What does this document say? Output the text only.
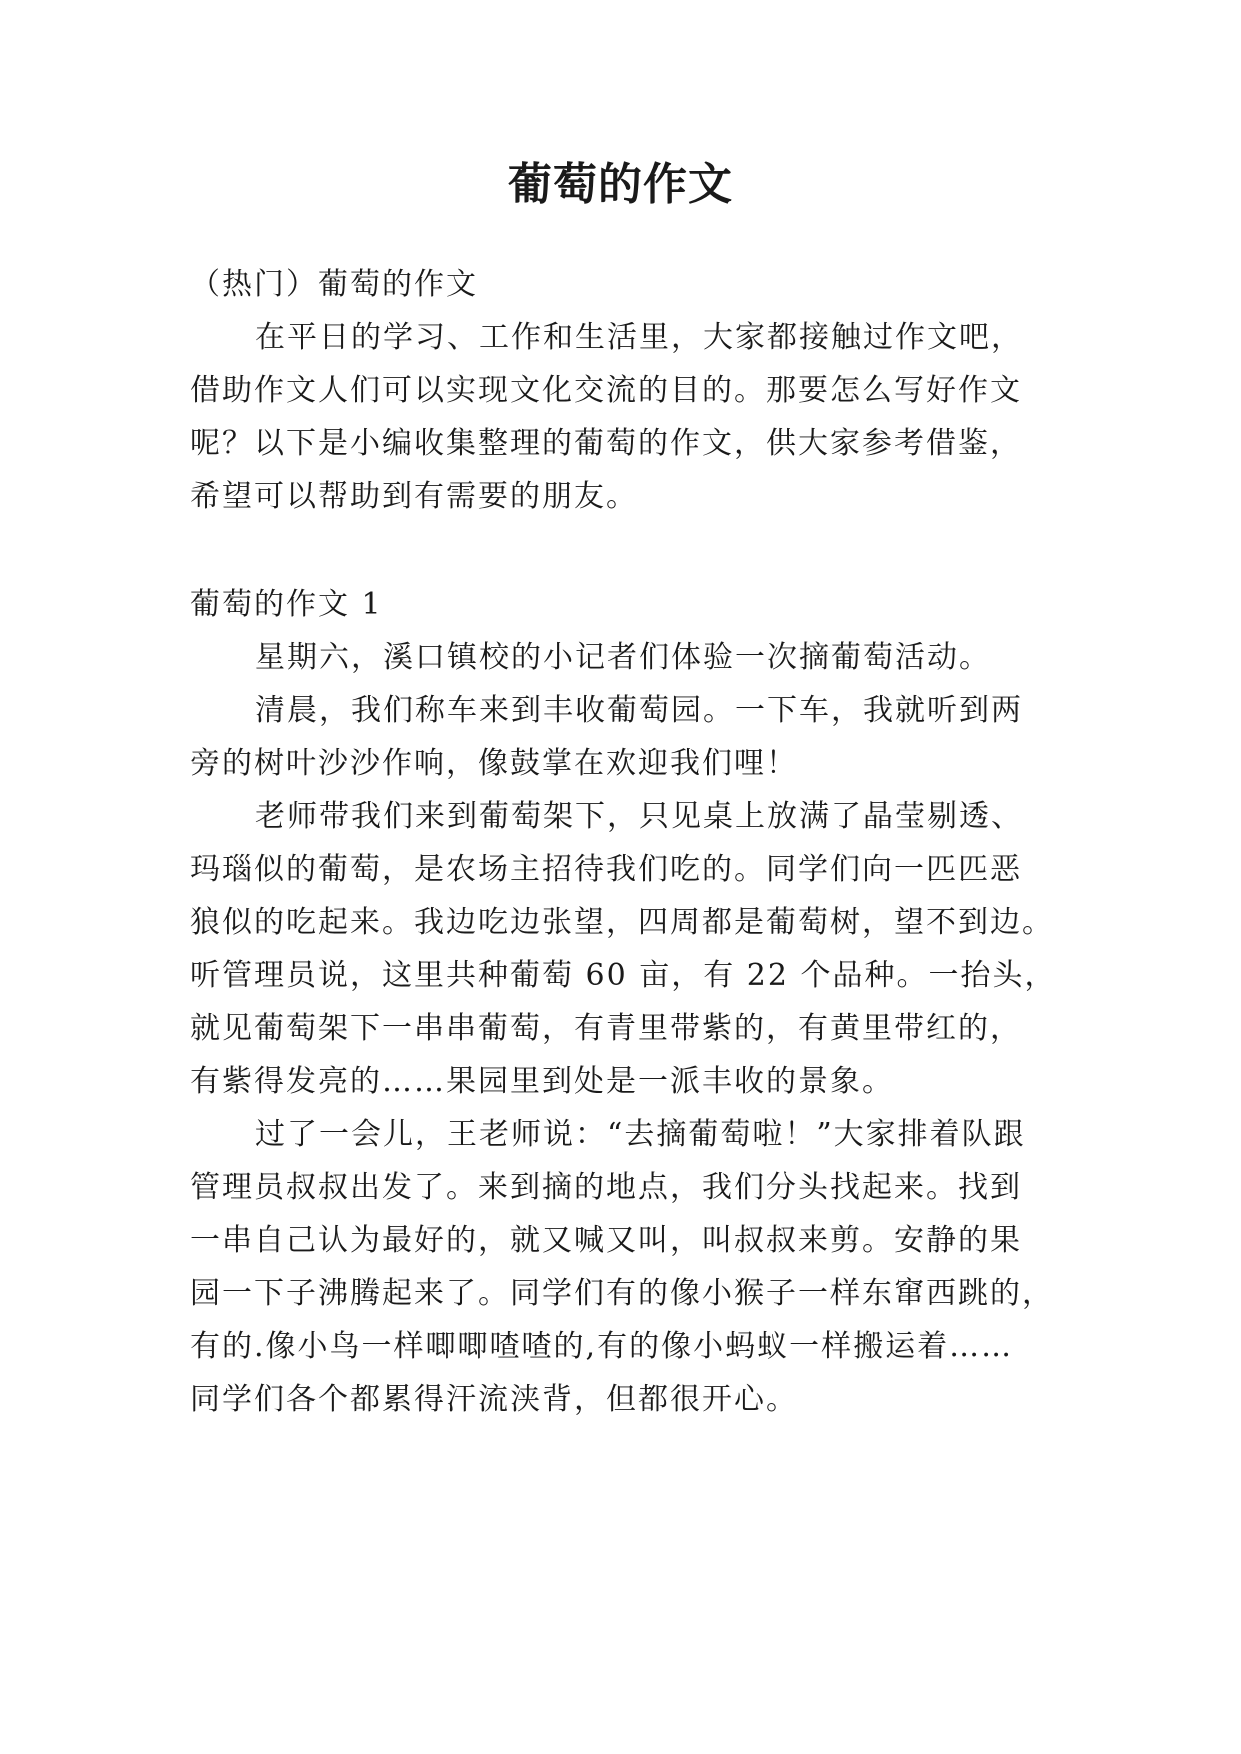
葡萄的作文
（热门）葡萄的作文
在平日的学习、工作和生活里，大家都接触过作文吧，
借助作文人们可以实现文化交流的目的。那要怎么写好作文
呢？以下是小编收集整理的葡萄的作文，供大家参考借鉴，
希望可以帮助到有需要的朋友。
葡萄的作文 1
星期六，溪口镇校的小记者们体验一次摘葡萄活动。
清晨，我们称车来到丰收葡萄园。一下车，我就听到两
旁的树叶沙沙作响，像鼓掌在欢迎我们哩！
老师带我们来到葡萄架下，只见桌上放满了晶莹剔透、
玛瑙似的葡萄，是农场主招待我们吃的。同学们向一匹匹恶
狼似的吃起来。我边吃边张望，四周都是葡萄树，望不到边。
听管理员说，这里共种葡萄 60 亩，有 22 个品种。一抬头，
就见葡萄架下一串串葡萄，有青里带紫的，有黄里带红的，
有紫得发亮的……果园里到处是一派丰收的景象。
过了一会儿，王老师说：“去摘葡萄啦！”大家排着队跟
管理员叔叔出发了。来到摘的地点，我们分头找起来。找到
一串自己认为最好的，就又喊又叫，叫叔叔来剪。安静的果
园一下子沸腾起来了。同学们有的像小猴子一样东窜西跳的，
有的.像小鸟一样唧唧喳喳的,有的像小蚂蚁一样搬运着……
同学们各个都累得汗流浃背，但都很开心。
